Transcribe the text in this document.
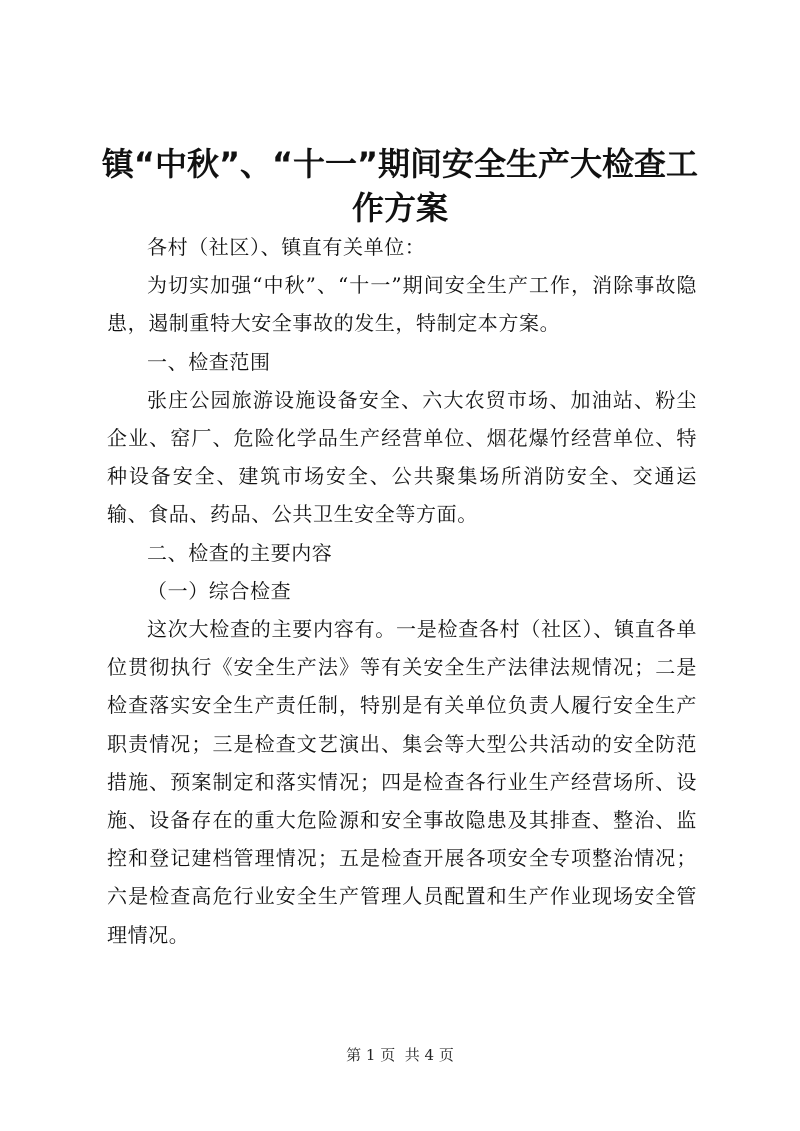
镇“中秋”、“十一”期间安全生产大检查工
作方案

各村（社区）、镇直有关单位：

为切实加强“中秋”、“十一”期间安全生产工作，消除事故隐患，遏制重特大安全事故的发生，特制定本方案。

一、检查范围

张庄公园旅游设施设备安全、六大农贸市场、加油站、粉尘企业、窑厂、危险化学品生产经营单位、烟花爆竹经营单位、特种设备安全、建筑市场安全、公共聚集场所消防安全、交通运输、食品、药品、公共卫生安全等方面。

二、检查的主要内容

（一）综合检查

这次大检查的主要内容有。一是检查各村（社区）、镇直各单位贯彻执行《安全生产法》等有关安全生产法律法规情况；二是检查落实安全生产责任制，特别是有关单位负责人履行安全生产职责情况；三是检查文艺演出、集会等大型公共活动的安全防范措施、预案制定和落实情况；四是检查各行业生产经营场所、设施、设备存在的重大危险源和安全事故隐患及其排查、整治、监控和登记建档管理情况；五是检查开展各项安全专项整治情况；六是检查高危行业安全生产管理人员配置和生产作业现场安全管理情况。

第 1 页  共 4 页
